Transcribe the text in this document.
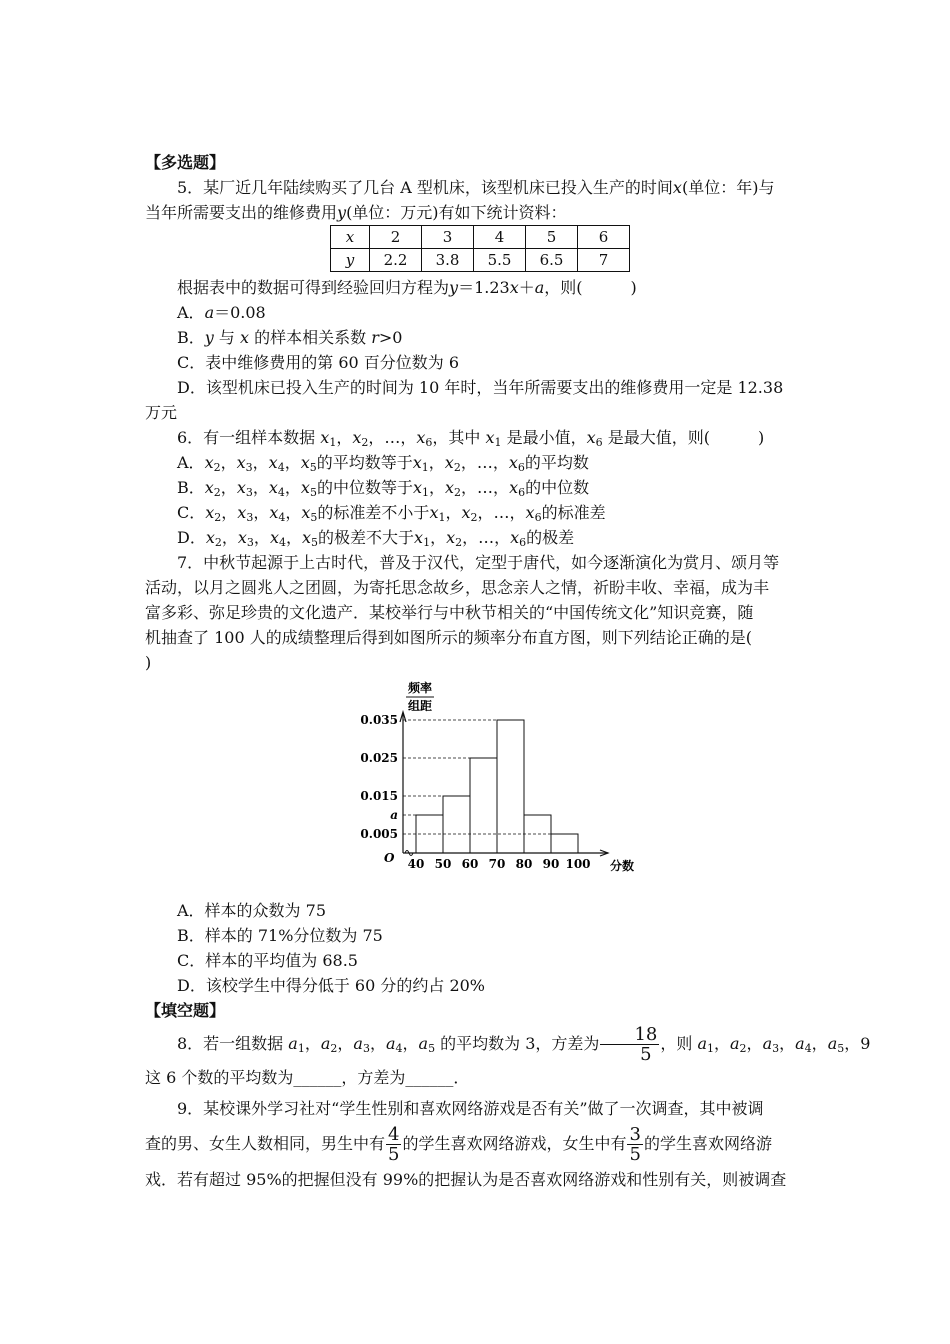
【多选题】
5．某厂近几年陆续购买了几台 A 型机床，该型机床已投入生产的时间x(单位：年)与
当年所需要支出的维修费用y(单位：万元)有如下统计资料：
x	2	3	4	5	6
y	2.2	3.8	5.5	6.5	7
根据表中的数据可得到经验回归方程为y＝1.23x＋a，则(　　　)
A．a＝0.08
B．y 与 x 的样本相关系数 r>0
C．表中维修费用的第 60 百分位数为 6
D．该型机床已投入生产的时间为 10 年时，当年所需要支出的维修费用一定是 12.38
万元
6．有一组样本数据 $x_1$，$x_2$，…，$x_6$，其中 $x_1$ 是最小值，$x_6$ 是最大值，则(　　　)
A．$x_2$，$x_3$，$x_4$，$x_5$的平均数等于$x_1$，$x_2$，…，$x_6$的平均数
B．$x_2$，$x_3$，$x_4$，$x_5$的中位数等于$x_1$，$x_2$，…，$x_6$的中位数
C．$x_2$，$x_3$，$x_4$，$x_5$的标准差不小于$x_1$，$x_2$，…，$x_6$的标准差
D．$x_2$，$x_3$，$x_4$，$x_5$的极差不大于$x_1$，$x_2$，…，$x_6$的极差
7．中秋节起源于上古时代，普及于汉代，定型于唐代，如今逐渐演化为赏月、颂月等
活动，以月之圆兆人之团圆，为寄托思念故乡，思念亲人之情，祈盼丰收、幸福，成为丰
富多彩、弥足珍贵的文化遗产．某校举行与中秋节相关的“中国传统文化”知识竞赛，随
机抽查了 100 人的成绩整理后得到如图所示的频率分布直方图，则下列结论正确的是(
)
频率
组距
分数
O
0.005
a
0.015
0.025
0.035
40 50 60 70 80 90 100
A．样本的众数为 75
B．样本的 71%分位数为 75
C．样本的平均值为 68.5
D．该校学生中得分低于 60 分的约占 20%
【填空题】
8．若一组数据 $a_1$，$a_2$，$a_3$，$a_4$，$a_5$ 的平均数为 3，方差为 $\frac{18}{5}$ ，则 $a_1$，$a_2$，$a_3$，$a_4$，$a_5$，9
这 6 个数的平均数为______，方差为______．
9．某校课外学习社对“学生性别和喜欢网络游戏是否有关”做了一次调查，其中被调
查的男、女生人数相同，男生中有 $\frac{4}{5}$ 的学生喜欢网络游戏，女生中有 $\frac{3}{5}$ 的学生喜欢网络游
戏．若有超过 95%的把握但没有 99%的把握认为是否喜欢网络游戏和性别有关，则被调查
